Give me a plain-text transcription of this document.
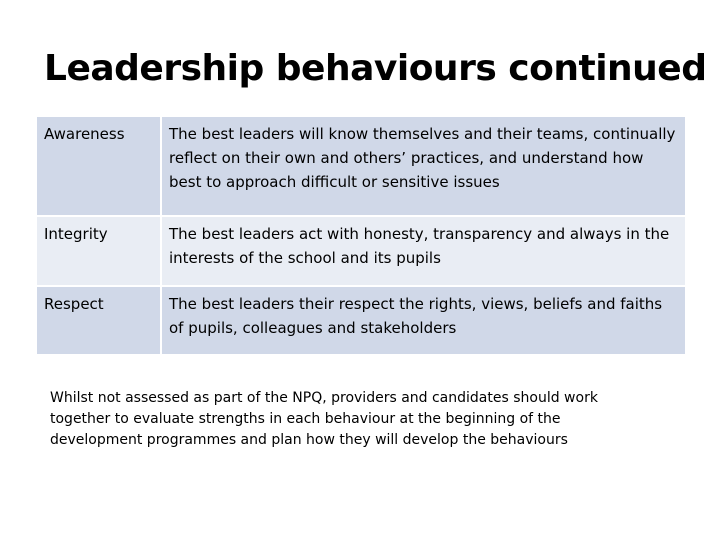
Leadership behaviours continued
Awareness	The best leaders will know themselves and their teams, continually reflect on their own and others’ practices, and understand how best to approach difficult or sensitive issues
Integrity	The best leaders act with honesty, transparency and always in the interests of the school and its pupils
Respect	The best leaders their respect the rights, views, beliefs and faiths of pupils, colleagues and stakeholders

Whilst not assessed as part of the NPQ, providers and candidates should work together to evaluate strengths in each behaviour at the beginning of the development programmes and plan how they will develop the behaviours
